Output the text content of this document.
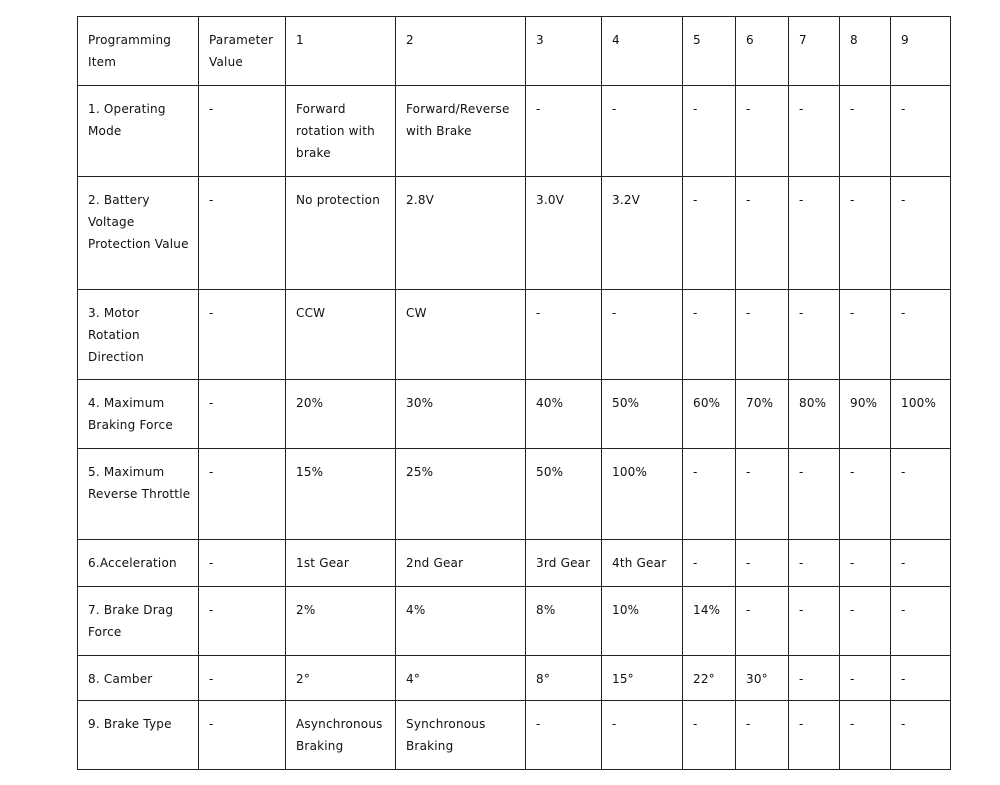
Programming Item	Parameter Value	1	2	3	4	5	6	7	8	9
1. Operating Mode	-	Forward rotation with brake	Forward/Reverse with Brake	-	-	-	-	-	-	-
2. Battery Voltage Protection Value	-	No protection	2.8V	3.0V	3.2V	-	-	-	-	-
3. Motor Rotation Direction	-	CCW	CW	-	-	-	-	-	-	-
4. Maximum Braking Force	-	20%	30%	40%	50%	60%	70%	80%	90%	100%
5. Maximum Reverse Throttle	-	15%	25%	50%	100%	-	-	-	-	-
6.Acceleration	-	1st Gear	2nd Gear	3rd Gear	4th Gear	-	-	-	-	-
7. Brake Drag Force	-	2%	4%	8%	10%	14%	-	-	-	-
8. Camber	-	2°	4°	8°	15°	22°	30°	-	-	-
9. Brake Type	-	Asynchronous Braking	Synchronous Braking	-	-	-	-	-	-	-
